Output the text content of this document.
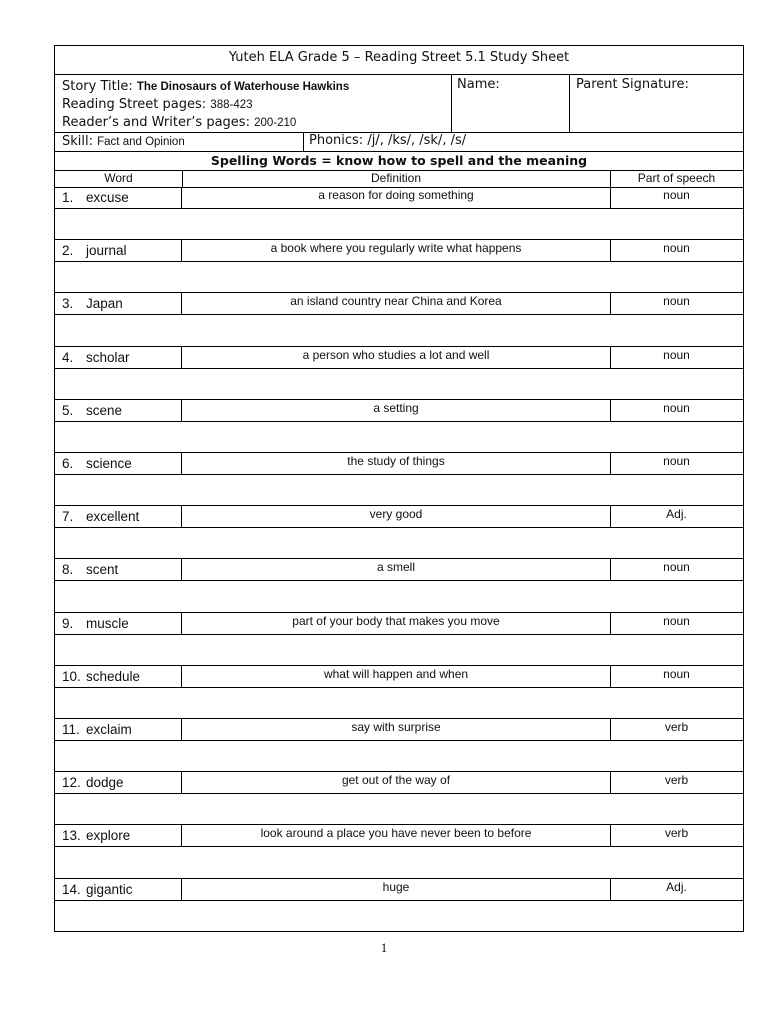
Yuteh ELA Grade 5 – Reading Street 5.1 Study Sheet
Story Title: The Dinosaurs of Waterhouse Hawkins
Reading Street pages: 388-423
Reader’s and Writer’s pages: 200-210
Name:	Parent Signature:
Skill: Fact and Opinion	Phonics: /j/, /ks/, /sk/, /s/
Spelling Words = know how to spell and the meaning
Word	Definition	Part of speech
1. excuse	a reason for doing something	noun
2. journal	a book where you regularly write what happens	noun
3. Japan	an island country near China and Korea	noun
4. scholar	a person who studies a lot and well	noun
5. scene	a setting	noun
6. science	the study of things	noun
7. excellent	very good	Adj.
8. scent	a smell	noun
9. muscle	part of your body that makes you move	noun
10. schedule	what will happen and when	noun
11. exclaim	say with surprise	verb
12. dodge	get out of the way of	verb
13. explore	look around a place you have never been to before	verb
14. gigantic	huge	Adj.
1
